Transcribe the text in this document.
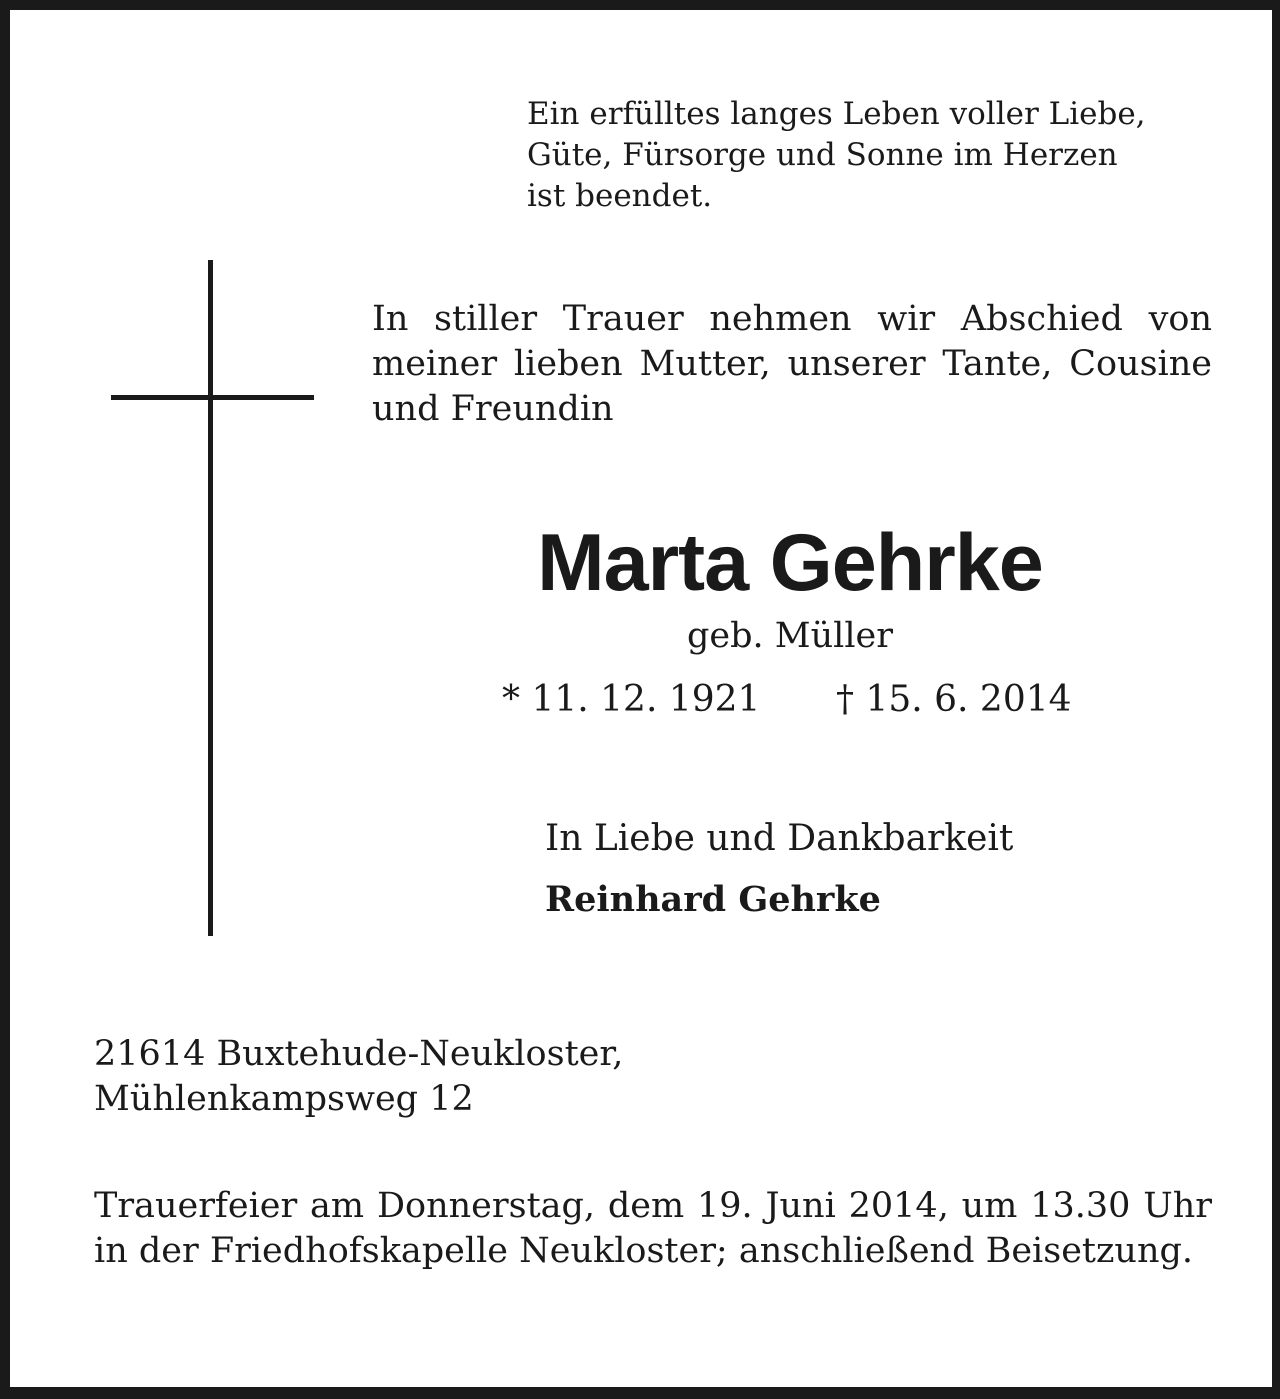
Ein erfülltes langes Leben voller Liebe,
Güte, Fürsorge und Sonne im Herzen
ist beendet.

In stiller Trauer nehmen wir Abschied von meiner lieben Mutter, unserer Tante, Cousine und Freundin

Marta Gehrke

geb. Müller

* 11. 12. 1921 † 15. 6. 2014

In Liebe und Dankbarkeit

Reinhard Gehrke

21614 Buxtehude-Neukloster,
Mühlenkampsweg 12

Trauerfeier am Donnerstag, dem 19. Juni 2014, um 13.30 Uhr in der Friedhofskapelle Neukloster; anschließend Beisetzung.
